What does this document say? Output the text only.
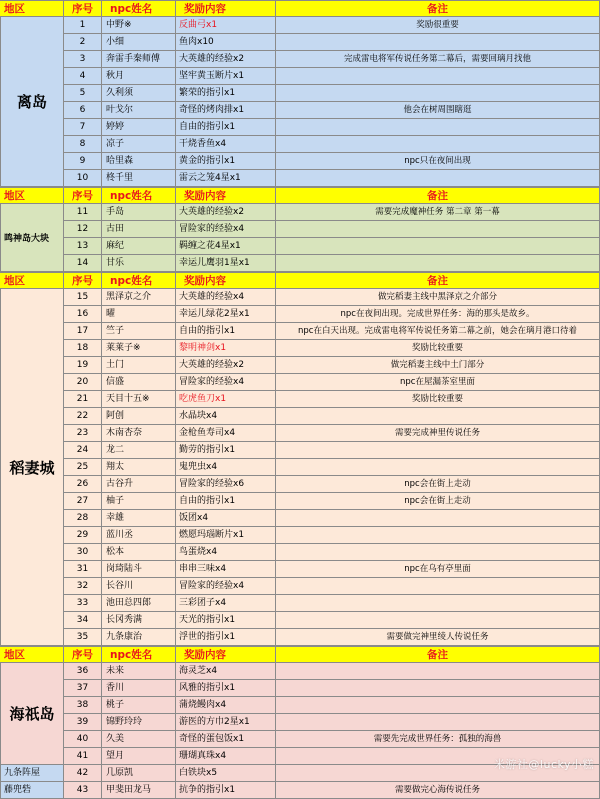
地区	序号	npc姓名	奖励内容	备注
离岛
1	中野※	反曲弓x1	奖励很重要
2	小细	鱼肉x10
3	奔雷手秦师傅	大英雄的经验x2	完成雷电将军传说任务第二幕后，需要回璃月找他
4	秋月	坚牢黄玉断片x1
5	久利须	繁荣的指引x1
6	叶戈尔	奇怪的烤肉排x1	他会在树周围瞎逛
7	婷婷	自由的指引x1
8	凉子	干烧香鱼x4
9	哈里森	黄金的指引x1	npc只在夜间出现
10	柊千里	雷云之笼4星x1
地区	序号	npc姓名	奖励内容	备注
鸣神岛大块
11	手岛	大英雄的经验x2	需要完成魔神任务 第二章 第一幕
12	古田	冒险家的经验x4
13	麻纪	羁缠之花4星x1
14	甘乐	幸运儿鹰羽1星x1
地区	序号	npc姓名	奖励内容	备注
稻妻城
15	黑泽京之介	大英雄的经验x4	做完稻妻主线中黑泽京之介部分
16	曜	幸运儿绿花2星x1	npc在夜间出现。完成世界任务：海的那头是故乡。
17	竺子	自由的指引x1	npc在白天出现。完成雷电将军传说任务第二幕之前，她会在璃月港口待着
18	莱莱子※	黎明神剑x1	奖励比较重要
19	土门	大英雄的经验x2	做完稻妻主线中土门部分
20	信盛	冒险家的经验x4	npc在屋漏茶室里面
21	天目十五※	吃虎鱼刀x1	奖励比较重要
22	阿创	水晶块x4
23	木南杏奈	金枪鱼寿司x4	需要完成神里传说任务
24	龙二	勤劳的指引x1
25	翔太	鬼兜虫x4
26	古谷升	冒险家的经验x6	npc会在街上走动
27	柚子	自由的指引x1	npc会在街上走动
28	幸雄	饭团x4
29	蓝川丞	燃愿玛瑙断片x1
30	松本	鸟蛋烧x4
31	岗琦陆斗	串串三味x4	npc在乌有亭里面
32	长谷川	冒险家的经验x4
33	池田总四郎	三彩团子x4
34	长冈秀满	天光的指引x1
35	九条康治	浮世的指引x1	需要做完神里绫人传说任务
地区	序号	npc姓名	奖励内容	备注
海祇岛
36	未来	海灵芝x4
37	香川	风雅的指引x1
38	桃子	蒲烧鳗肉x4
39	锦野玲玲	游医的方巾2星x1
40	久美	奇怪的蛋包饭x1	需要先完成世界任务：孤独的海兽
41	望月	珊瑚真珠x4
九条阵屋	42	几原凯	白铁块x5
藤兜砦	43	甲斐田龙马	抗争的指引x1	需要做完心海传说任务
米游社@lucky小糕
